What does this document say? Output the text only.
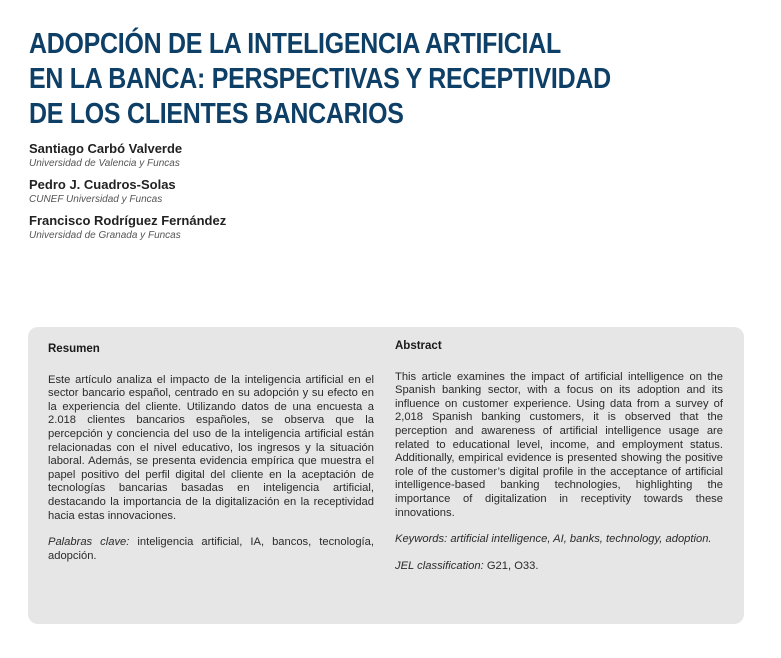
ADOPCIÓN DE LA INTELIGENCIA ARTIFICIAL
EN LA BANCA: PERSPECTIVAS Y RECEPTIVIDAD
DE LOS CLIENTES BANCARIOS

Santiago Carbó Valverde

Universidad de Valencia y Funcas

Pedro J. Cuadros-Solas

CUNEF Universidad y Funcas

Francisco Rodríguez Fernández

Universidad de Granada y Funcas

Resumen

Este artículo analiza el impacto de la inteligencia artificial en el sector bancario español, centrado en su adopción y su efecto en la experiencia del cliente. Utilizando datos de una encuesta a 2.018 clientes bancarios españoles, se observa que la percepción y conciencia del uso de la inteligencia artificial están relacionadas con el nivel educativo, los ingresos y la situación laboral. Además, se presenta evidencia empírica que muestra el papel positivo del perfil digital del cliente en la aceptación de tecnologías bancarias basadas en inteligencia artificial, destacando la importancia de la digitalización en la receptividad hacia estas innovaciones.

Palabras clave: inteligencia artificial, IA, bancos, tecnología, adopción.

Abstract

This article examines the impact of artificial intelligence on the Spanish banking sector, with a focus on its adoption and its influence on customer experience. Using data from a survey of 2,018 Spanish banking customers, it is observed that the perception and awareness of artificial intelligence usage are related to educational level, income, and employment status. Additionally, empirical evidence is presented showing the positive role of the customer’s digital profile in the acceptance of artificial intelligence-based banking technologies, highlighting the importance of digitalization in receptivity towards these innovations.

Keywords: artificial intelligence, AI, banks, technology, adoption.

JEL classification: G21, O33.
